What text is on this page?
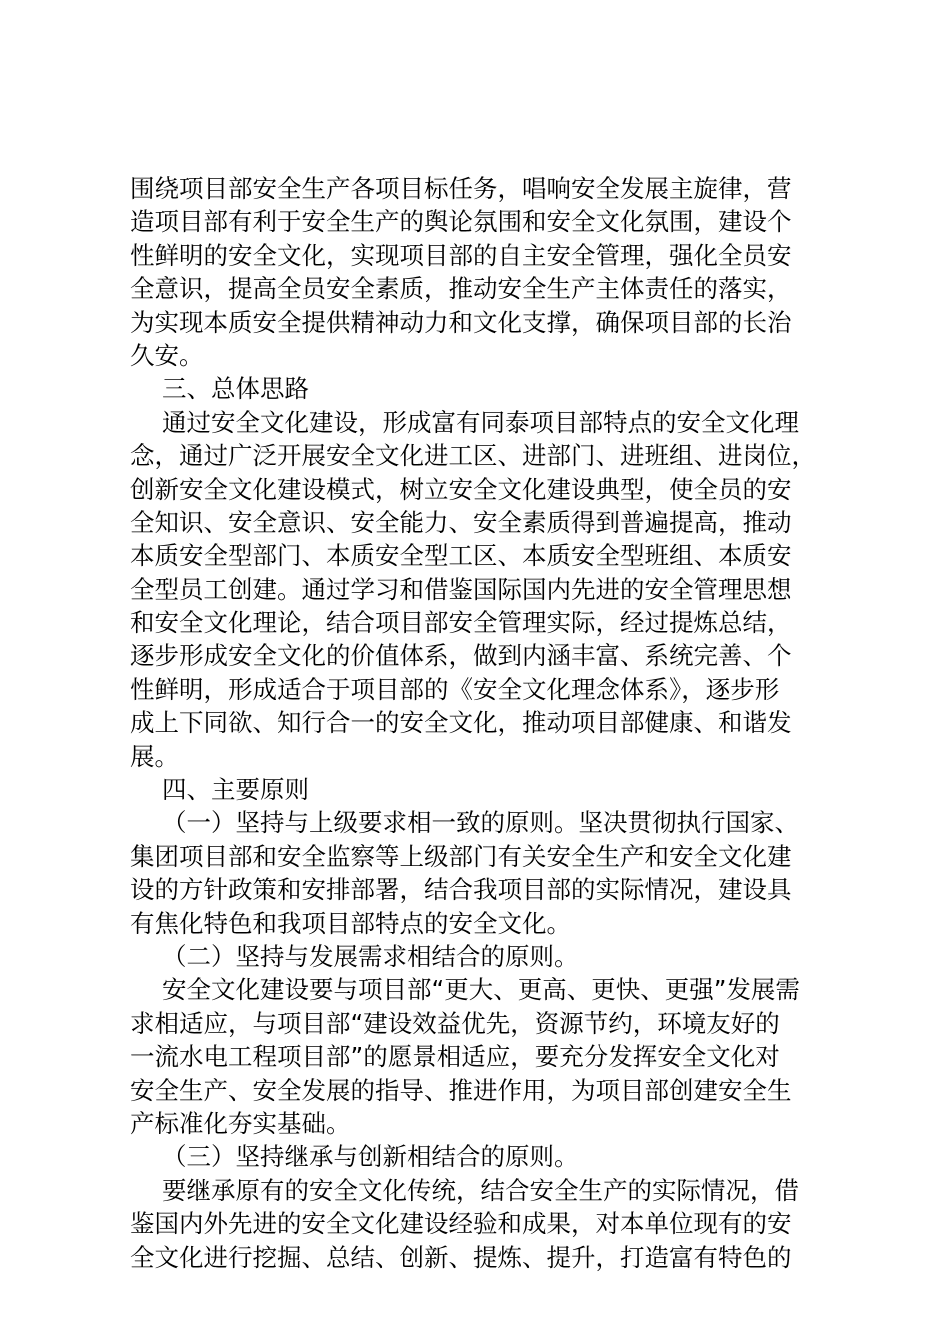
围绕项目部安全生产各项目标任务，唱响安全发展主旋律，营
造项目部有利于安全生产的舆论氛围和安全文化氛围，建设个
性鲜明的安全文化，实现项目部的自主安全管理，强化全员安
全意识，提高全员安全素质，推动安全生产主体责任的落实，
为实现本质安全提供精神动力和文化支撑，确保项目部的长治
久安。
三、总体思路
通过安全文化建设，形成富有同泰项目部特点的安全文化理
念，通过广泛开展安全文化进工区、进部门、进班组、进岗位，
创新安全文化建设模式，树立安全文化建设典型，使全员的安
全知识、安全意识、安全能力、安全素质得到普遍提高，推动
本质安全型部门、本质安全型工区、本质安全型班组、本质安
全型员工创建。通过学习和借鉴国际国内先进的安全管理思想
和安全文化理论，结合项目部安全管理实际，经过提炼总结，
逐步形成安全文化的价值体系，做到内涵丰富、系统完善、个
性鲜明，形成适合于项目部的《安全文化理念体系》，逐步形
成上下同欲、知行合一的安全文化，推动项目部健康、和谐发
展。
四、主要原则
（一）坚持与上级要求相一致的原则。坚决贯彻执行国家、
集团项目部和安全监察等上级部门有关安全生产和安全文化建
设的方针政策和安排部署，结合我项目部的实际情况，建设具
有焦化特色和我项目部特点的安全文化。
（二）坚持与发展需求相结合的原则。
安全文化建设要与项目部“更大、更高、更快、更强”发展需
求相适应，与项目部“建设效益优先，资源节约，环境友好的
一流水电工程项目部”的愿景相适应，要充分发挥安全文化对
安全生产、安全发展的指导、推进作用，为项目部创建安全生
产标准化夯实基础。
（三）坚持继承与创新相结合的原则。
要继承原有的安全文化传统，结合安全生产的实际情况，借
鉴国内外先进的安全文化建设经验和成果，对本单位现有的安
全文化进行挖掘、总结、创新、提炼、提升，打造富有特色的
